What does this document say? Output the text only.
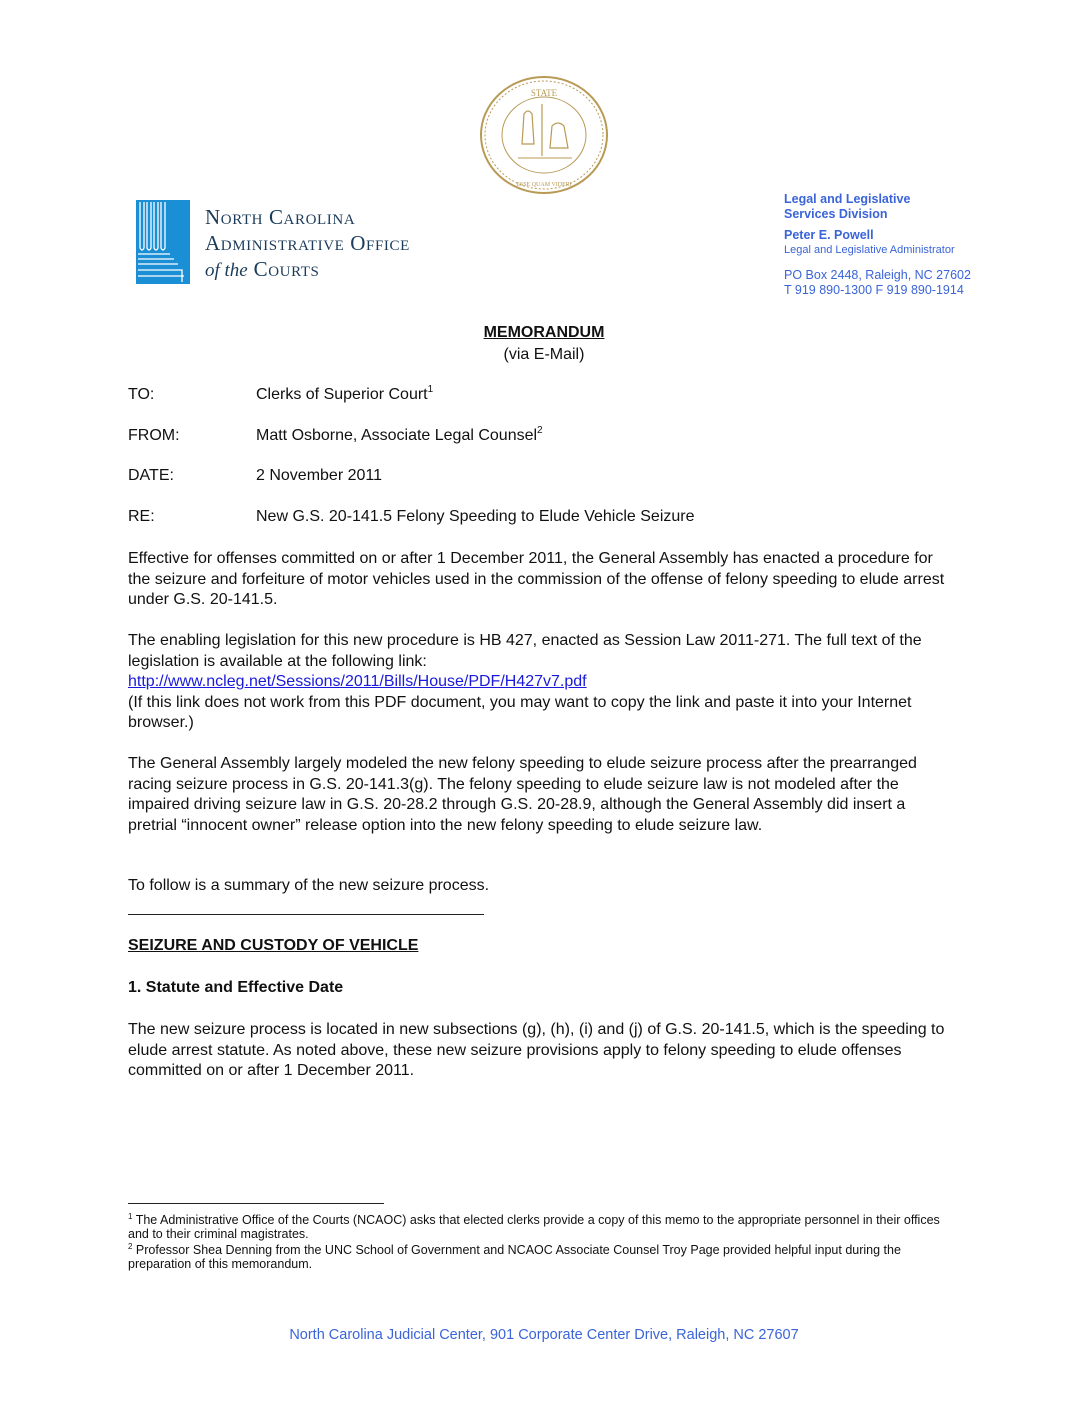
ESSE QUAM VIDERI
STATE
North Carolina
Administrative Office
of the Courts
Legal and Legislative
Services Division
Peter E. Powell
Legal and Legislative Administrator
PO Box 2448, Raleigh, NC 27602
T 919 890-1300 F 919 890-1914
MEMORANDUM
(via E-Mail)
TO:	Clerks of Superior Court$^1$
FROM:	Matt Osborne, Associate Legal Counsel$^2$
DATE:	2 November 2011
RE:	New G.S. 20-141.5 Felony Speeding to Elude Vehicle Seizure
Effective for offenses committed on or after 1 December 2011, the General Assembly has enacted a procedure for the seizure and forfeiture of motor vehicles used in the commission of the offense of felony speeding to elude arrest under G.S. 20-141.5.
The enabling legislation for this new procedure is HB 427, enacted as Session Law 2011-271. The full text of the legislation is available at the following link:
http://www.ncleg.net/Sessions/2011/Bills/House/PDF/H427v7.pdf
(If this link does not work from this PDF document, you may want to copy the link and paste it into your Internet browser.)
The General Assembly largely modeled the new felony speeding to elude seizure process after the prearranged racing seizure process in G.S. 20-141.3(g). The felony speeding to elude seizure law is not modeled after the impaired driving seizure law in G.S. 20-28.2 through G.S. 20-28.9, although the General Assembly did insert a pretrial “innocent owner” release option into the new felony speeding to elude seizure law.
To follow is a summary of the new seizure process.
SEIZURE AND CUSTODY OF VEHICLE
1. Statute and Effective Date
The new seizure process is located in new subsections (g), (h), (i) and (j) of G.S. 20-141.5, which is the speeding to elude arrest statute. As noted above, these new seizure provisions apply to felony speeding to elude offenses committed on or after 1 December 2011.
$^1$ The Administrative Office of the Courts (NCAOC) asks that elected clerks provide a copy of this memo to the appropriate personnel in their offices and to their criminal magistrates.
$^2$ Professor Shea Denning from the UNC School of Government and NCAOC Associate Counsel Troy Page provided helpful input during the preparation of this memorandum.
North Carolina Judicial Center, 901 Corporate Center Drive, Raleigh, NC 27607
